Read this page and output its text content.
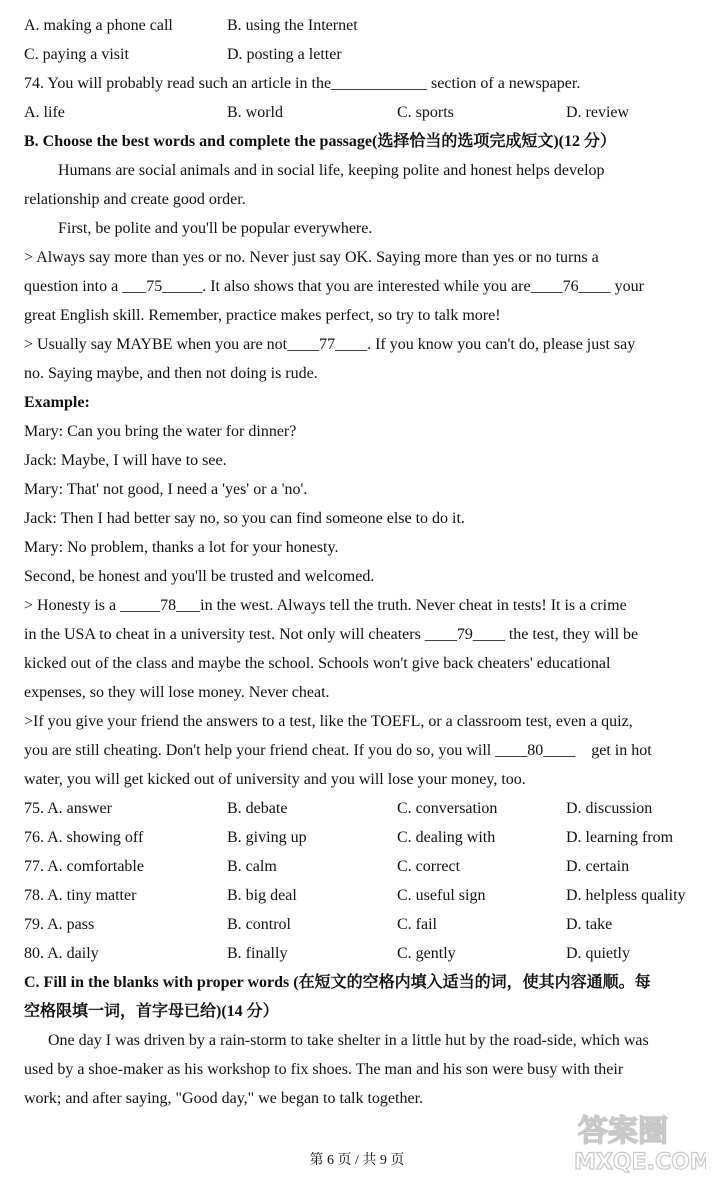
A. making a phone call	B. using the Internet
C. paying a visit	D. posting a letter
74. You will probably read such an article in the____________ section of a newspaper.
A. life	B. world	C. sports	D. review
B. Choose the best words and complete the passage(选择恰当的选项完成短文)(12 分）
Humans are social animals and in social life, keeping polite and honest helps develop
relationship and create good order.
First, be polite and you'll be popular everywhere.
> Always say more than yes or no. Never just say OK. Saying more than yes or no turns a
question into a ___75_____. It also shows that you are interested while you are____76____ your
great English skill. Remember, practice makes perfect, so try to talk more!
> Usually say MAYBE when you are not____77____. If you know you can't do, please just say
no. Saying maybe, and then not doing is rude.
Example:
Mary: Can you bring the water for dinner?
Jack: Maybe, I will have to see.
Mary: That' not good, I need a 'yes' or a 'no'.
Jack: Then I had better say no, so you can find someone else to do it.
Mary: No problem, thanks a lot for your honesty.
Second, be honest and you'll be trusted and welcomed.
> Honesty is a _____78___in the west. Always tell the truth. Never cheat in tests! It is a crime
in the USA to cheat in a university test. Not only will cheaters ____79____ the test, they will be
kicked out of the class and maybe the school. Schools won't give back cheaters' educational
expenses, so they will lose money. Never cheat.
>If you give your friend the answers to a test, like the TOEFL, or a classroom test, even a quiz,
you are still cheating. Don't help your friend cheat. If you do so, you will ____80____    get in hot
water, you will get kicked out of university and you will lose your money, too.
75. A. answer	B. debate	C. conversation	D. discussion
76. A. showing off	B. giving up	C. dealing with	D. learning from
77. A. comfortable	B. calm	C. correct	D. certain
78. A. tiny matter	B. big deal	C. useful sign	D. helpless quality
79. A. pass	B. control	C. fail	D. take
80. A. daily	B. finally	C. gently	D. quietly
C. Fill in the blanks with proper words (在短文的空格内填入适当的词，使其内容通顺。每
空格限填一词，首字母已给)(14 分）
One day I was driven by a rain-storm to take shelter in a little hut by the road-side, which was
used by a shoe-maker as his workshop to fix shoes. The man and his son were busy with their
work; and after saying, "Good day," we began to talk together.
第 6 页 / 共 9 页
答案圈
MXQE.COM
